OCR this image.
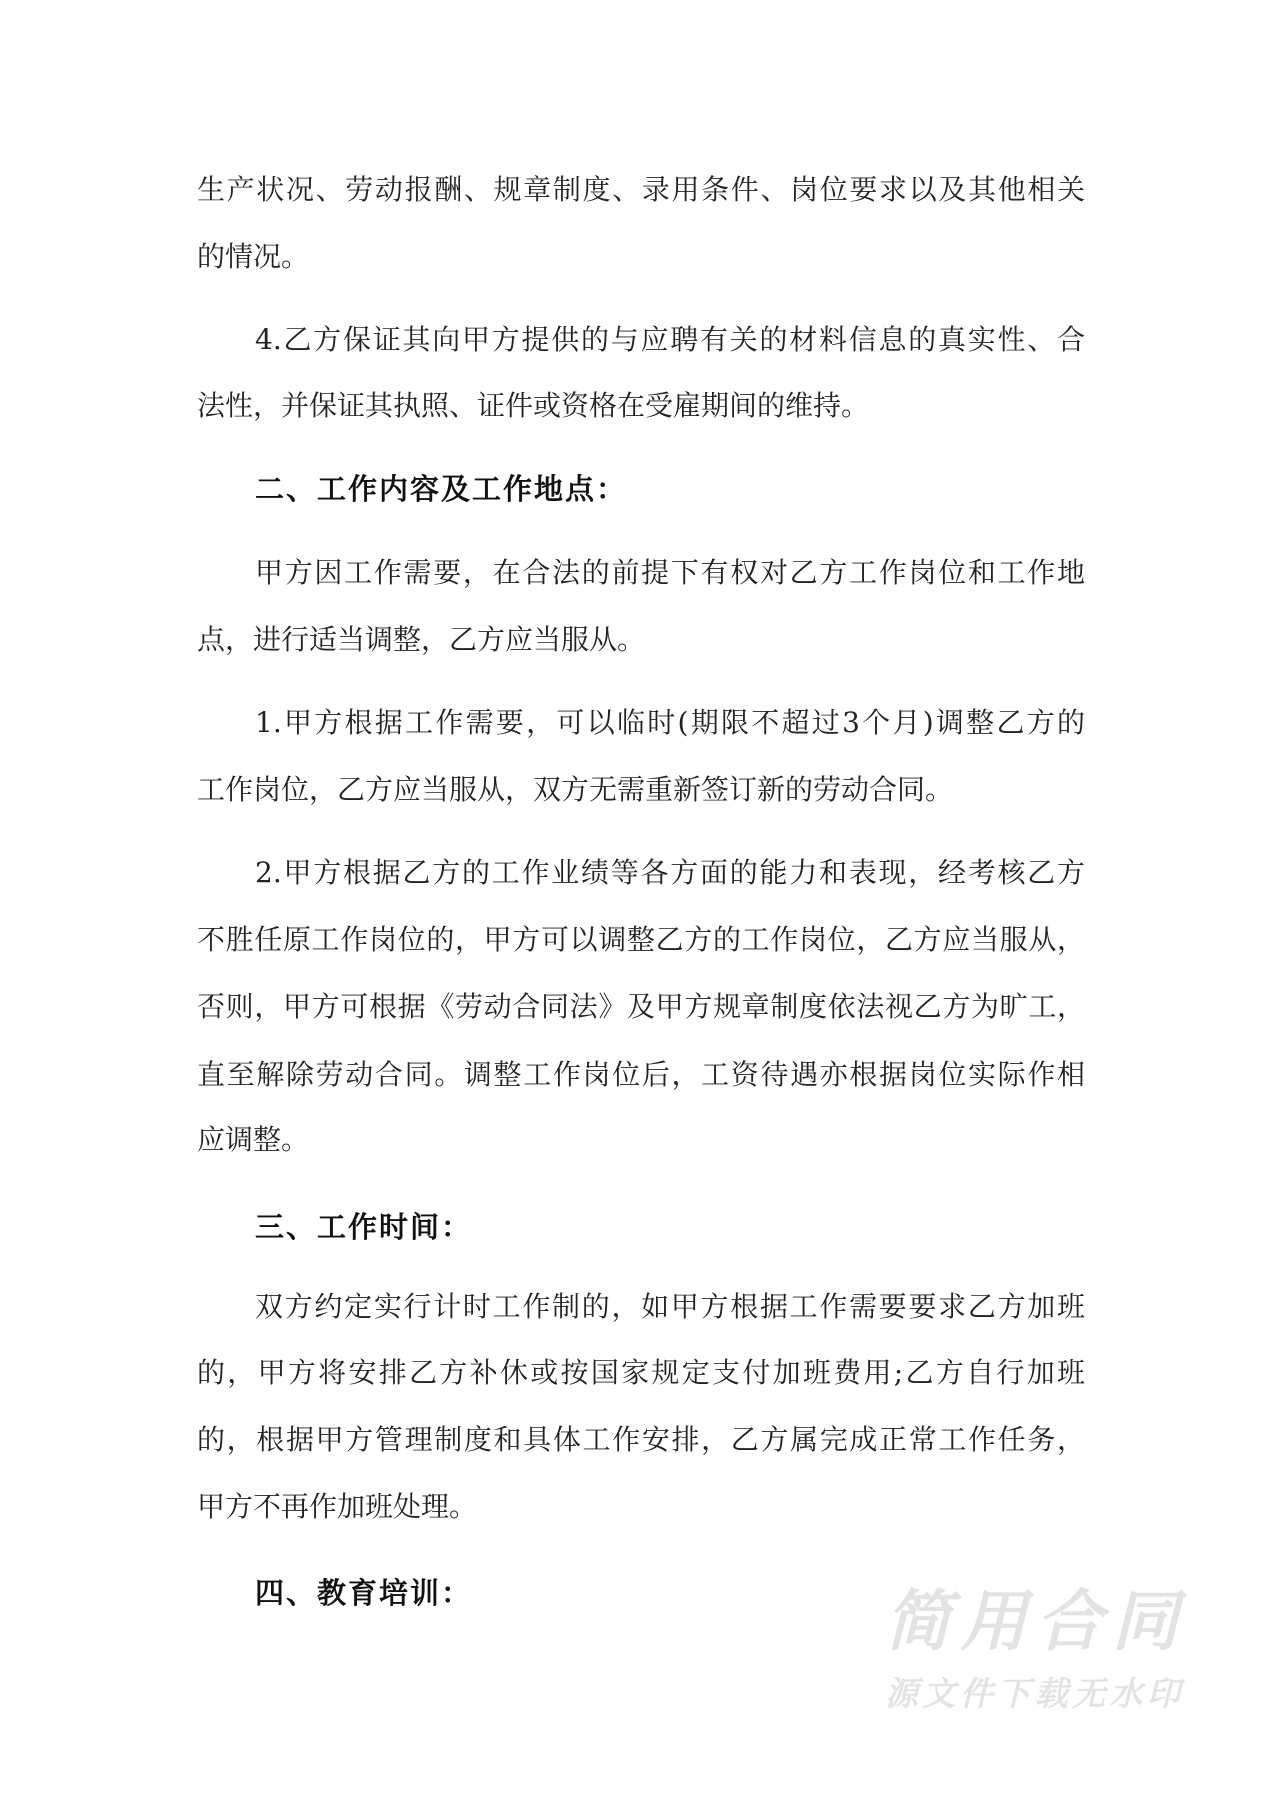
生产状况、劳动报酬、规章制度、录用条件、岗位要求以及其他相关
的情况。
4.乙方保证其向甲方提供的与应聘有关的材料信息的真实性、合
法性，并保证其执照、证件或资格在受雇期间的维持。
二、工作内容及工作地点：
甲方因工作需要，在合法的前提下有权对乙方工作岗位和工作地
点，进行适当调整，乙方应当服从。
1.甲方根据工作需要，可以临时(期限不超过3个月)调整乙方的
工作岗位，乙方应当服从，双方无需重新签订新的劳动合同。
2.甲方根据乙方的工作业绩等各方面的能力和表现，经考核乙方
不胜任原工作岗位的，甲方可以调整乙方的工作岗位，乙方应当服从，
否则，甲方可根据《劳动合同法》及甲方规章制度依法视乙方为旷工，
直至解除劳动合同。调整工作岗位后，工资待遇亦根据岗位实际作相
应调整。
三、工作时间：
双方约定实行计时工作制的，如甲方根据工作需要要求乙方加班
的，甲方将安排乙方补休或按国家规定支付加班费用;乙方自行加班
的，根据甲方管理制度和具体工作安排，乙方属完成正常工作任务，
甲方不再作加班处理。
四、教育培训：	简用合同
源文件下载无水印
